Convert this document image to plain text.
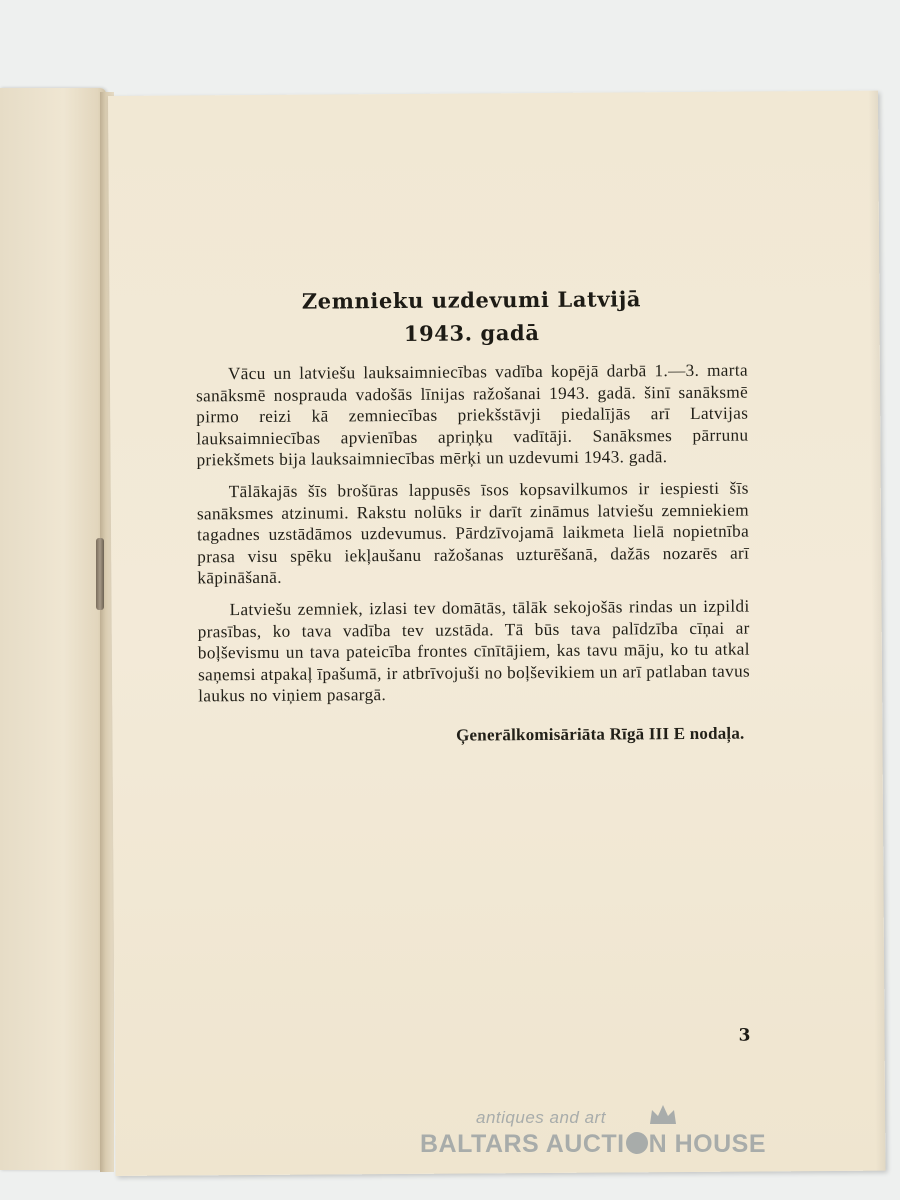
Zemnieku uzdevumi Latvijā
1943. gadā

Vācu un latviešu lauksaimniecības vadība kopējā darbā 1.—3. marta sanāksmē nosprauda vadošās līnijas ražošanai 1943. gadā. šinī sanāksmē pirmo reizi kā zemniecības priekšstāvji piedalījās arī Latvijas lauksaimniecības apvienības apriņķu vadītāji. Sanāksmes pārrunu priekšmets bija lauksaimniecības mērķi un uzdevumi 1943. gadā.

Tālākajās šīs brošūras lappusēs īsos kopsavilkumos ir iespiesti šīs sanāksmes atzinumi. Rakstu nolūks ir darīt zināmus latviešu zemniekiem tagadnes uzstādāmos uzdevumus. Pārdzīvojamā laikmeta lielā nopietnība prasa visu spēku iekļaušanu ražošanas uzturēšanā, dažās nozarēs arī kāpināšanā.

Latviešu zemniek, izlasi tev domātās, tālāk sekojošās rindas un izpildi prasības, ko tava vadība tev uzstāda. Tā būs tava palīdzība cīņai ar boļševismu un tava pateicība frontes cīnītājiem, kas tavu māju, ko tu atkal saņemsi atpakaļ īpašumā, ir atbrīvojuši no boļševikiem un arī patlaban tavus laukus no viņiem pasargā.

Ģenerālkomisāriāta Rīgā III E nodaļa.

3
antiques and art
BALTARS AUCTI N HOUSE
